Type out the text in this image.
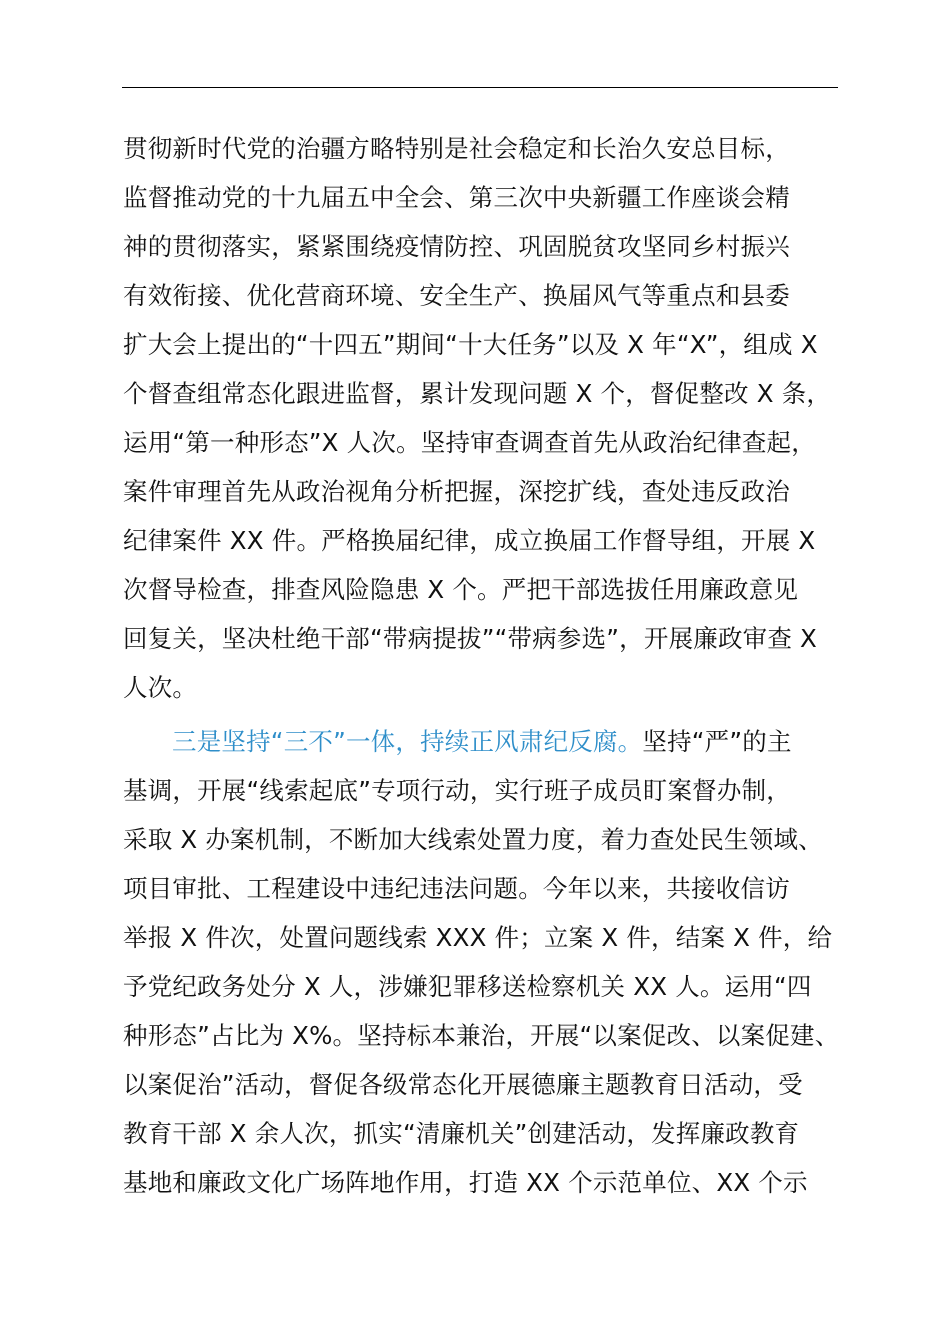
贯彻新时代党的治疆方略特别是社会稳定和长治久安总目标，
监督推动党的十九届五中全会、第三次中央新疆工作座谈会精
神的贯彻落实，紧紧围绕疫情防控、巩固脱贫攻坚同乡村振兴
有效衔接、优化营商环境、安全生产、换届风气等重点和县委
扩大会上提出的“十四五”期间“十大任务”以及 X 年“X”，组成 X
个督查组常态化跟进监督，累计发现问题 X 个，督促整改 X 条，
运用“第一种形态”X 人次。坚持审查调查首先从政治纪律查起，
案件审理首先从政治视角分析把握，深挖扩线，查处违反政治
纪律案件 XX 件。严格换届纪律，成立换届工作督导组，开展 X
次督导检查，排查风险隐患 X 个。严把干部选拔任用廉政意见
回复关，坚决杜绝干部“带病提拔”“带病参选”，开展廉政审查 X
人次。
三是坚持“三不”一体，持续正风肃纪反腐。坚持“严”的主
基调，开展“线索起底”专项行动，实行班子成员盯案督办制，
采取 X 办案机制，不断加大线索处置力度，着力查处民生领域、
项目审批、工程建设中违纪违法问题。今年以来，共接收信访
举报 X 件次，处置问题线索 XXX 件；立案 X 件，结案 X 件，给
予党纪政务处分 X 人，涉嫌犯罪移送检察机关 XX 人。运用“四
种形态”占比为 X%。坚持标本兼治，开展“以案促改、以案促建、
以案促治”活动，督促各级常态化开展德廉主题教育日活动，受
教育干部 X 余人次，抓实“清廉机关”创建活动，发挥廉政教育
基地和廉政文化广场阵地作用，打造 XX 个示范单位、XX 个示
